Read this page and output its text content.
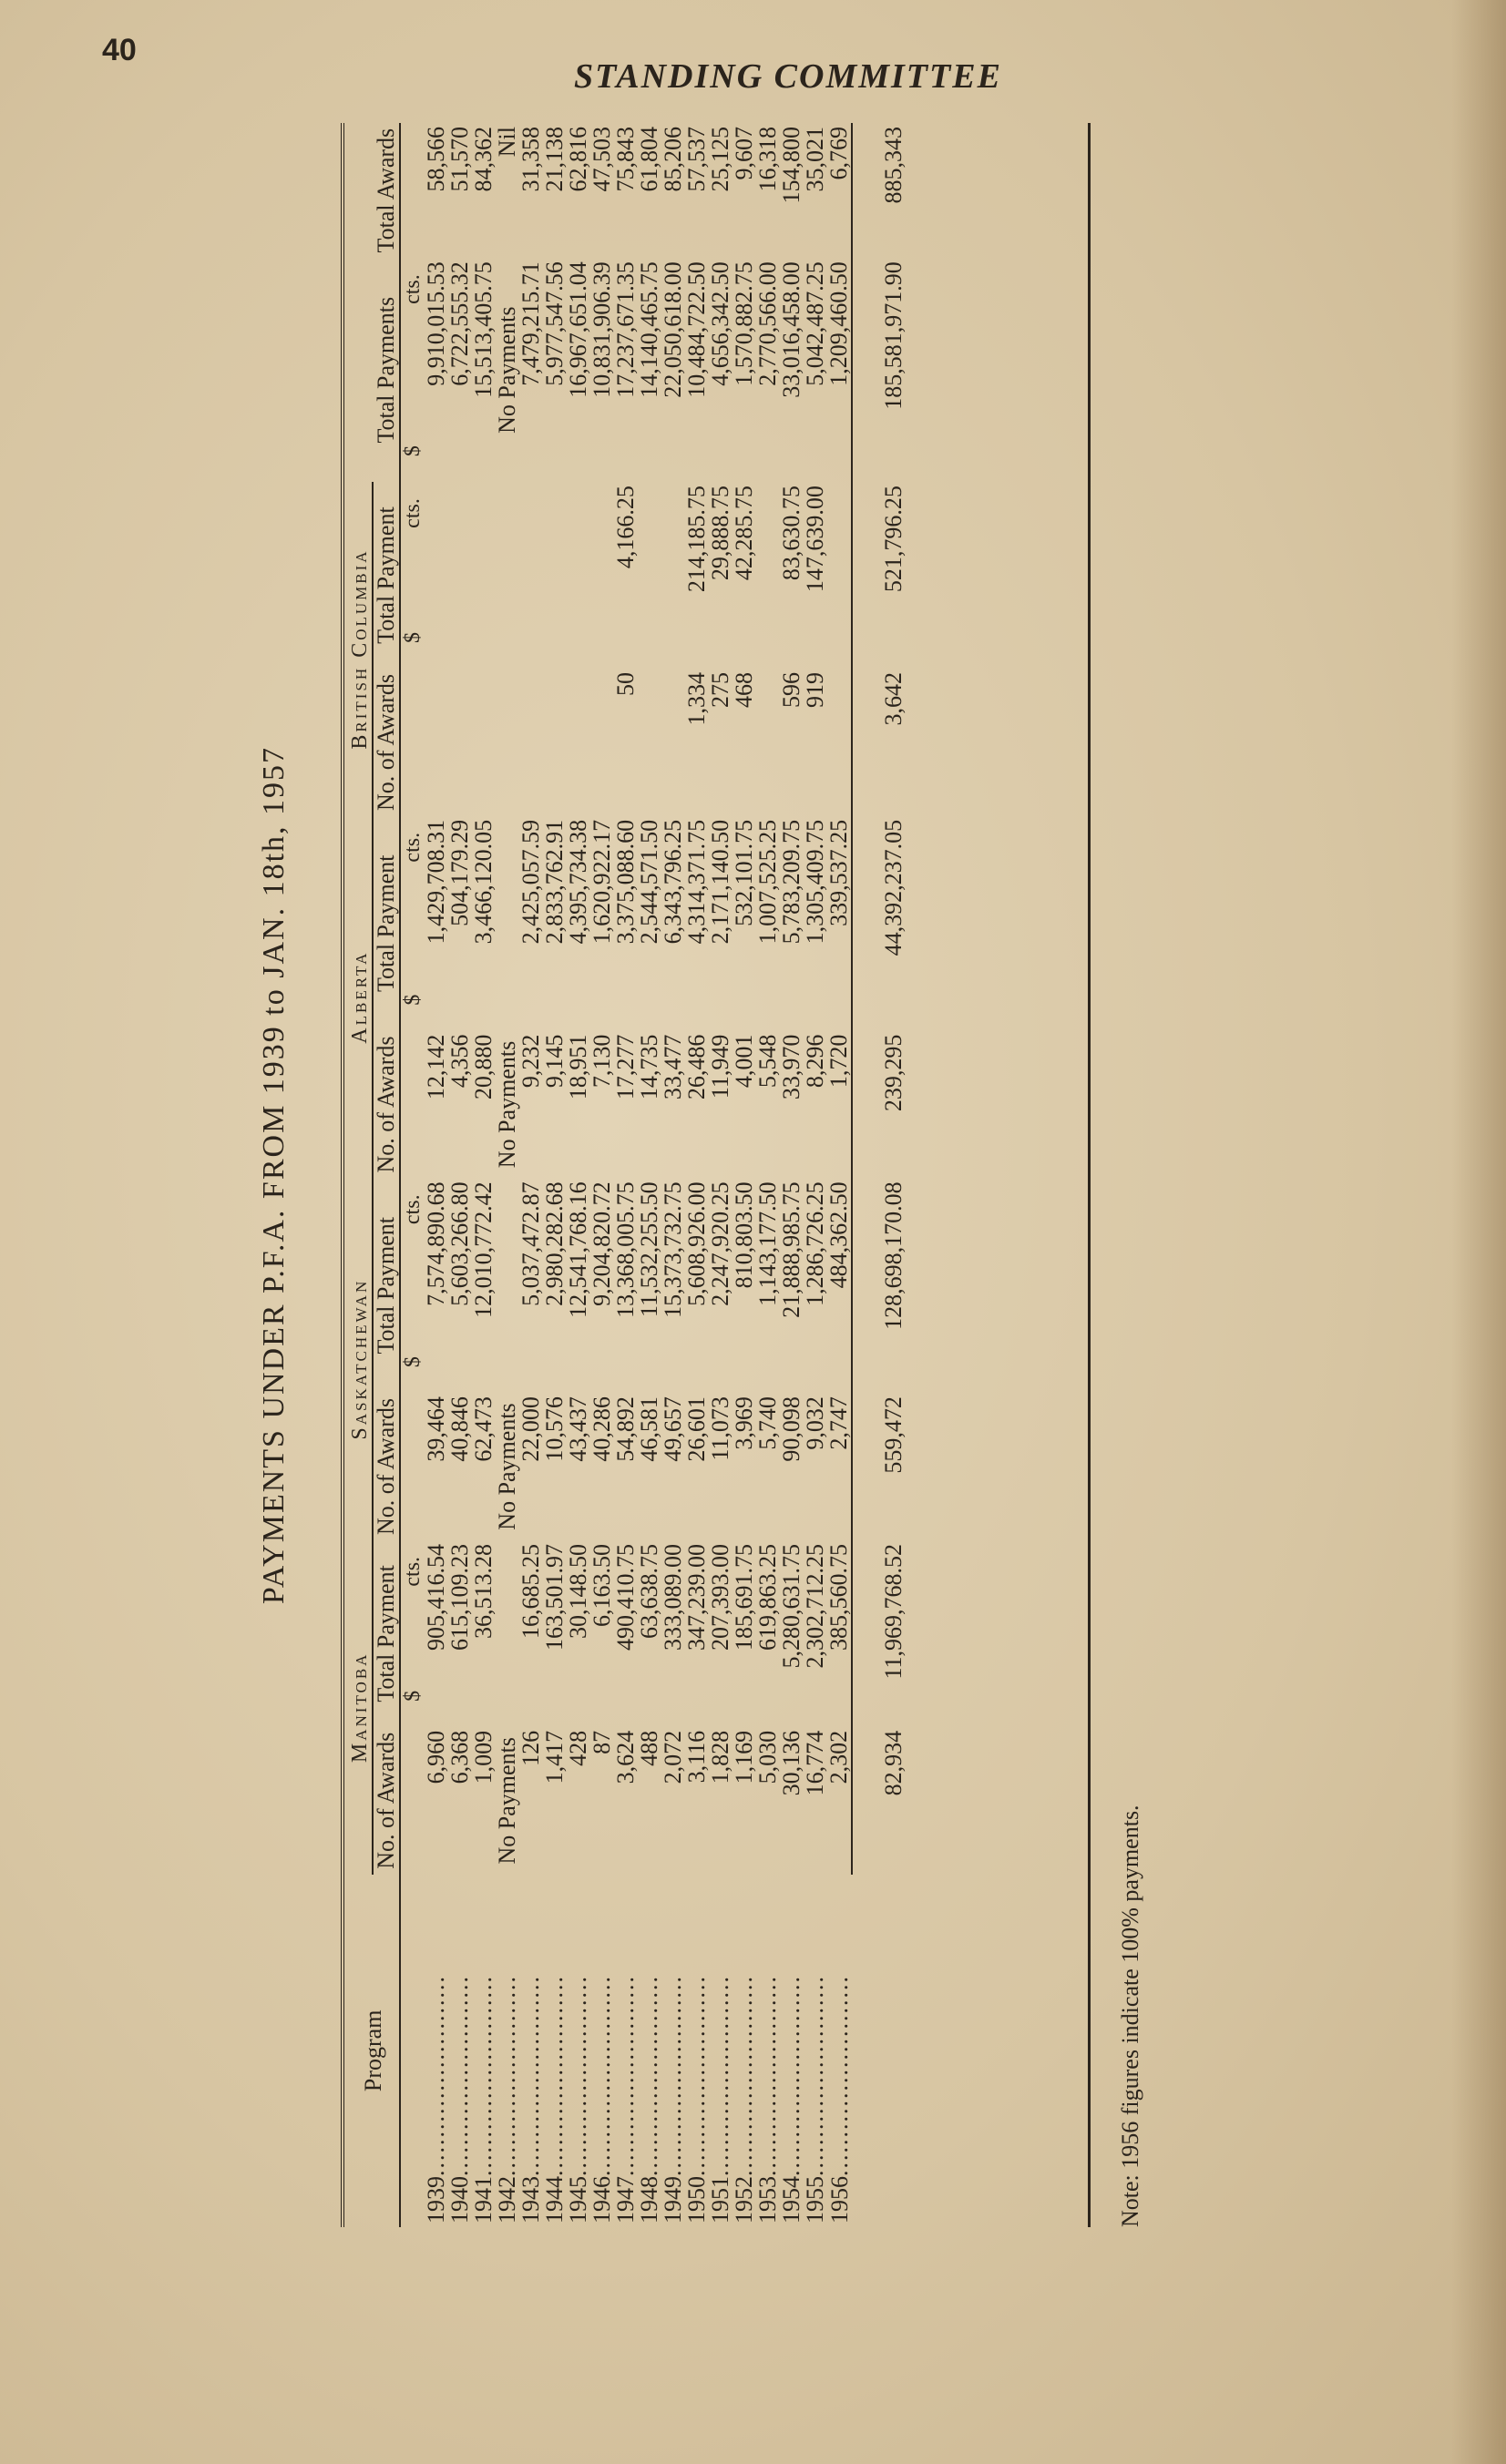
40
STANDING COMMITTEE
PAYMENTS UNDER P.F.A. FROM 1939 to JAN. 18th, 1957
Program	Manitoba		Saskatchewan		Alberta		British Columbia		Total Payments	Total Awards
	No. of Awards	Total Payment	No. of Awards	Total Payment	No. of Awards	Total Payment	No. of Awards	Total Payment		
		$
cts.		$
cts.		$
cts.		$
cts.	$
cts.	

1939..........................	6,960	905,416.54	39,464	7,574,890.68	12,142	1,429,708.31			9,910,015.53	58,566
1940..........................	6,368	615,109.23	40,846	5,603,266.80	4,356	504,179.29			6,722,555.32	51,570
1941..........................	1,009	36,513.28	62,473	12,010,772.42	20,880	3,466,120.05			15,513,405.75	84,362
1942..........................	No Payments		No Payments		No Payments				No Payments	Nil
1943..........................	126	16,685.25	22,000	5,037,472.87	9,232	2,425,057.59			7,479,215.71	31,358
1944..........................	1,417	163,501.97	10,576	2,980,282.68	9,145	2,833,762.91			5,977,547.56	21,138
1945..........................	428	30,148.50	43,437	12,541,768.16	18,951	4,395,734.38			16,967,651.04	62,816
1946..........................	87	6,163.50	40,286	9,204,820.72	7,130	1,620,922.17			10,831,906.39	47,503
1947..........................	3,624	490,410.75	54,892	13,368,005.75	17,277	3,375,088.60	50	4,166.25	17,237,671.35	75,843
1948..........................	488	63,638.75	46,581	11,532,255.50	14,735	2,544,571.50			14,140,465.75	61,804
1949..........................	2,072	333,089.00	49,657	15,373,732.75	33,477	6,343,796.25			22,050,618.00	85,206
1950..........................	3,116	347,239.00	26,601	5,608,926.00	26,486	4,314,371.75	1,334	214,185.75	10,484,722.50	57,537
1951..........................	1,828	207,393.00	11,073	2,247,920.25	11,949	2,171,140.50	275	29,888.75	4,656,342.50	25,125
1952..........................	1,169	185,691.75	3,969	810,803.50	4,001	532,101.75	468	42,285.75	1,570,882.75	9,607
1953..........................	5,030	619,863.25	5,740	1,143,177.50	5,548	1,007,525.25			2,770,566.00	16,318
1954..........................	30,136	5,280,631.75	90,098	21,888,985.75	33,970	5,783,209.75	596	83,630.75	33,016,458.00	154,800
1955..........................	16,774	2,302,712.25	9,032	1,286,726.25	8,296	1,305,409.75	919	147,639.00	5,042,487.25	35,021
1956..........................	2,302	385,560.75	2,747	484,362.50	1,720	339,537.25			1,209,460.50	6,769

	82,934	11,969,768.52	559,472	128,698,170.08	239,295	44,392,237.05	3,642	521,796.25	185,581,971.90	885,343
Note: 1956 figures indicate 100% payments.
